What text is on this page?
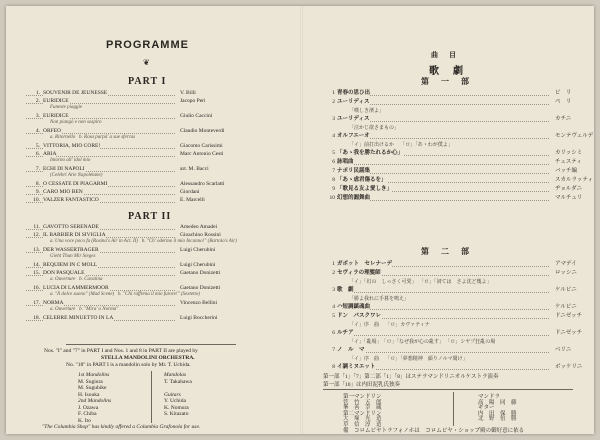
PROGRAMME
❦
PART I
1. SOUVENIR DE JEUNESSE	V. Billi
2. EURIDICE	Jacopo Peri
Funeste piaggie
3. EURIDICE	Giulio Caccini
Non piangò e non sospiro
4. ORFEO	Claudio Monteverdi
a. Ritornello   b. Rosa purpà' a sue sferras
5. VITTORIA, MIO CORE!	Giacomo Carissimi
6. ARIA	Marc Antonio Cesti
Intorno all' idol mio
7. ECHI DI NAPOLI	arr. M. Bacci
(Celebri Arie Napoletane)
8. O CESSATE DI PIAGARMI	Alessandro Scarlatti
9. CARO MIO BEN	Giordani
10. VALZER FANTASTICO	E. Marcelli
PART II
11. GAVOTTO SERENADE	Amedeo Amadei
12. IL BARBIER DI SIVIGLIA	Gioachino Rossini
a. Una voce poco fa (Rosina's Air in Act. II)   b. "Ch' odermo il mio Incanno!" (Bartolo's Air)
13. DER WASSERTRAGER	Luigi Cherubini
Gieht Thun Mir Sieges
14. REQUIEM IN C MOLL	Luigi Cherubini
15. DON PASQUALE	Gaetano Donizetti
a. Ouverture   b. Cavatina
16. LUCIA DI LAMMERMOOR	Gaetano Donizetti
a. "Il dolce suono" (Mad Scene)   b. "Chi raffrena il mio furore!" (Sextetto)
17. NORMA	Vincenzo Bellini
a. Ouverture   b. "Mira' o Norma"
18. CELEBRE MINUETTO IN LA	Luigi Boccherini
Nos. "I" and "7" in PART I and Nos. 1 and 8 in PART II are played by
STELLA MANDOLINI ORCHESTRA.
No. "18" in PART I is a mandolin solo by Mr. T. Uchida.
1st Mandolins
M. Sugiura
M. Suguhike
H. Isouka
2nd Mandolins
J. Ozawa
F. Chiba
K. Ito
Mandolas
T. Takahawa
Guitars
Y. Uchida
K. Nomura
S. Kitazato
"The Columbia Shop" has kindly offered a Columbia Grafonola for use.
曲　目
歌　劇
第　一　部
1 青春の思ひ出	ビ　リ
2 ユーリディス	ペ　リ
「嘆しき濱よ」
3 ユーリディス	カチニ
「泣かじ欲さまもの」
4 オルフエーオ	モンテヴェルデ
「イ」前打出けるか　 「ロ」「あゝわが僕よ」
5 「あゝ我を勝たれるか心」	カリッシミ
6 詠唱曲	チェスティ
7 ナポリ民謡集	バッチ編
8 「あゝ虐君傷るを」	スカルラッティ
9 「歌見る友よ愛しき」	ヂョルダニ
10 幻想的圓舞曲	マルチェリ
第　二　部
1 ガボット　セレナーデ	アマデイ
2 セヴィラの理髪師	ロッシニ
「イ」「幻の　しっさく可愛」  「ロ」「詞ては　さよ沈ど幾よ」
3 歌　劇	ケルビニ
「勝よ我れに手暮を鳴え」
4 ハ短調鎮魂曲	ケルビニ
5 ドン　パスクワレ	ドニゼッチ
「イ」序　曲　 「ロ」カヴァティナ
6 ルチア	ドニゼッチ
「イ」「亂場」　「ロ」「なぜ我が心の亂す」 「ロ」シヤプ狂亂の場
7 ノ　ル　マ	ベリニ
「イ」序　曲　 「ロ」「夢想精神　顔りノルマ聞け」
8 イ調ミヌエット	ボッケリニ
第一部「1」「7」第二部「1」「8」はステラマンドリニオルケストラ演奏
第一部「10」は内田泥乳氏独奏
第一マンドリン
菅　竹　五　郎
峯　善　幸　蔵
第二マンドリン
大　塚　光　造
草　信　淳　造
マンドラ
高　陽　同　藤
ギター
内　田　保　勝
北　野　倍　勝
備　コロムビヤトラフォノホは　コロムビヤ・ショップ殿の御好意に依る
